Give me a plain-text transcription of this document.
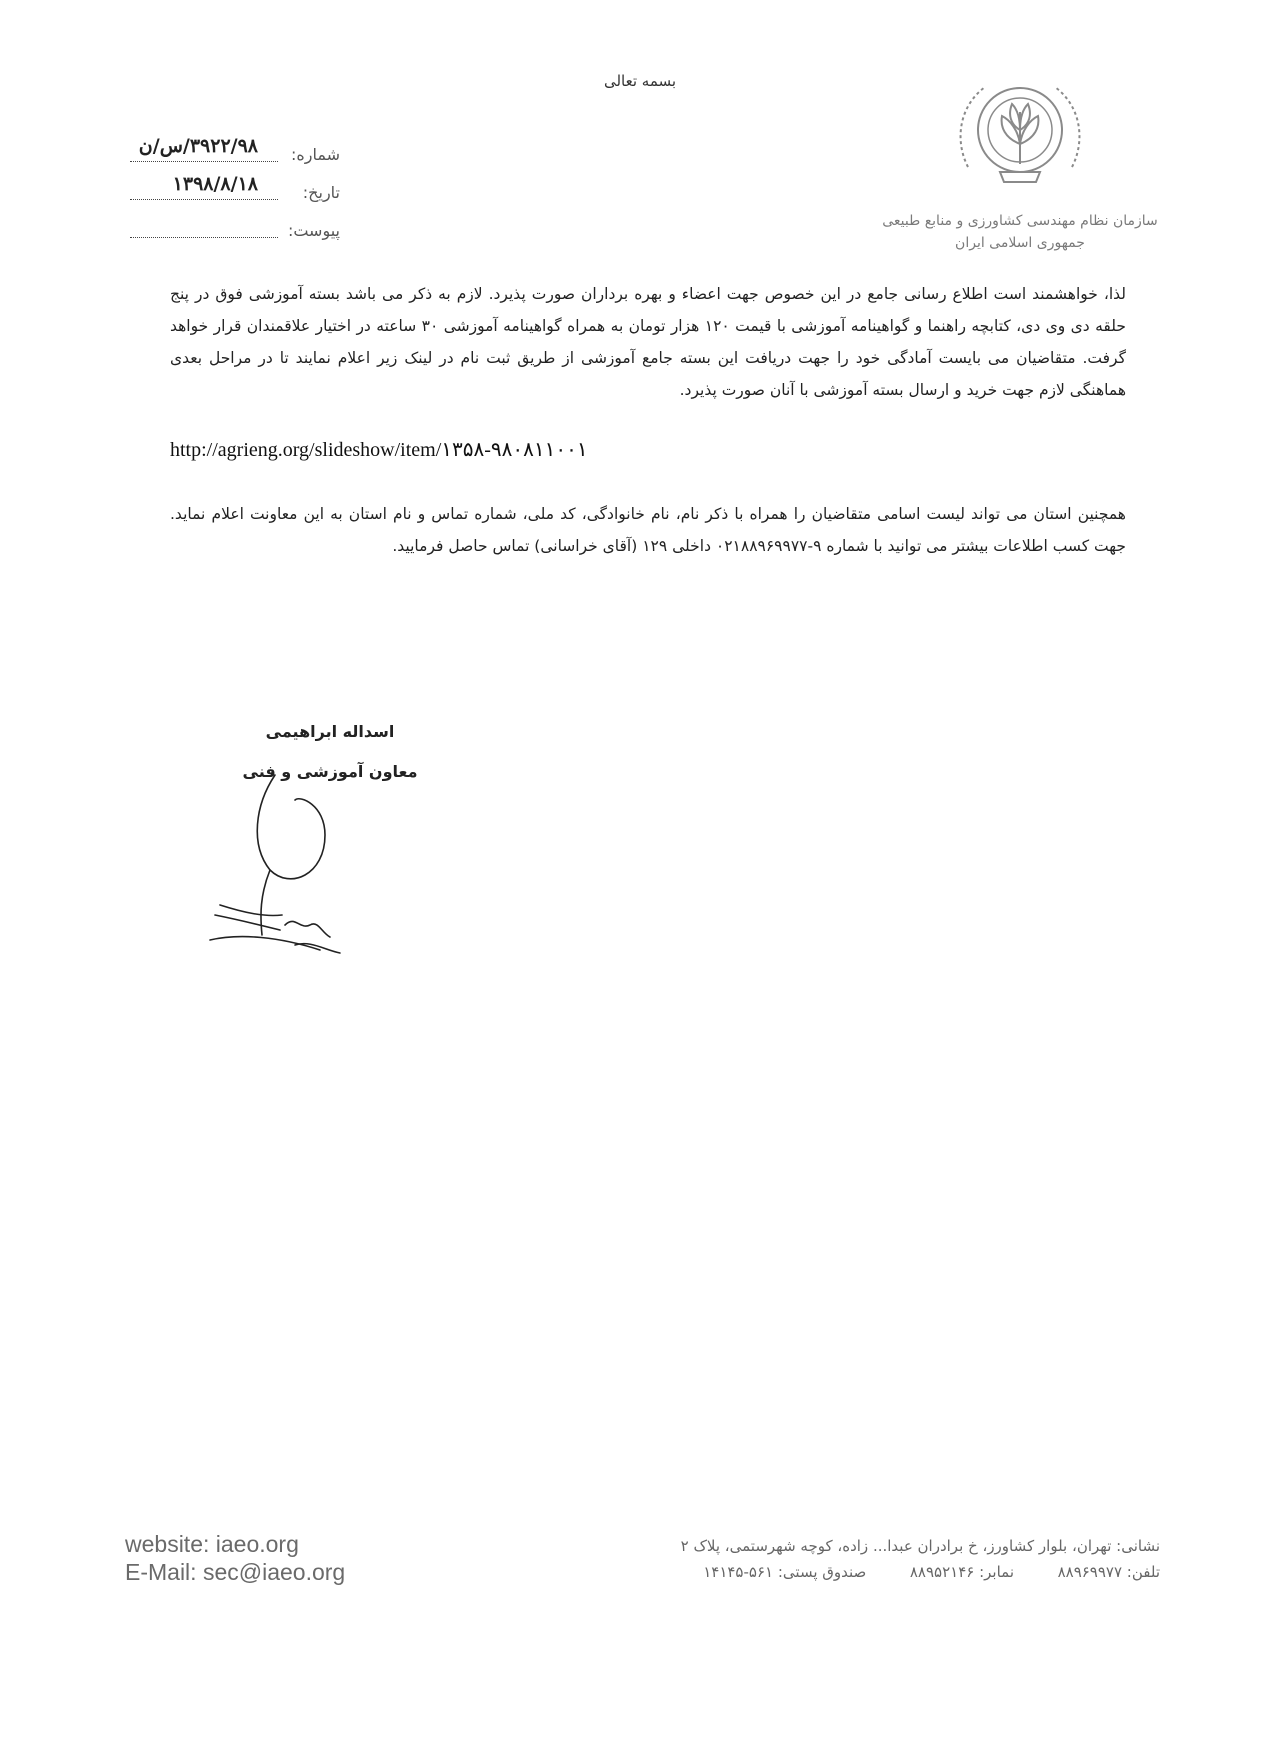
بسمه تعالی
سازمان نظام مهندسی کشاورزی و منابع طبیعی
جمهوری اسلامی ایران
شماره:
۳۹۲۲/۹۸/س/ن
تاریخ:
۱۳۹۸/۸/۱۸
پیوست:
لذا، خواهشمند است اطلاع رسانی جامع در این خصوص جهت اعضاء و بهره برداران صورت پذیرد. لازم به ذکر می باشد بسته آموزشی فوق در پنج حلقه دی وی دی، کتابچه راهنما و گواهینامه آموزشی با قیمت ۱۲۰ هزار تومان به همراه گواهینامه آموزشی ۳۰ ساعته در اختیار علاقمندان قرار خواهد گرفت. متقاضیان می بایست آمادگی خود را جهت دریافت این بسته جامع آموزشی از طریق ثبت نام در لینک زیر اعلام نمایند تا در مراحل بعدی هماهنگی لازم جهت خرید و ارسال بسته آموزشی با آنان صورت پذیرد.
http://agrieng.org/slideshow/item/۱۳۵۸-۹۸۰۸۱۱۰۰۱
همچنین استان می تواند لیست اسامی متقاضیان را همراه با ذکر نام، نام خانوادگی، کد ملی، شماره تماس و نام استان به این معاونت اعلام نماید. جهت کسب اطلاعات بیشتر می توانید با شماره ۹-۰۲۱۸۸۹۶۹۹۷۷ داخلی ۱۲۹ (آقای خراسانی) تماس حاصل فرمایید.
اسداله ابراهیمی
معاون آموزشی و فنی
website: iaeo.org
E-Mail: sec@iaeo.org
نشانی: تهران، بلوار کشاورز، خ برادران عبدا... زاده، کوچه شهرستمی، پلاک ۲
تلفن: ۸۸۹۶۹۹۷۷  نمابر: ۸۸۹۵۲۱۴۶  صندوق پستی: ۵۶۱-۱۴۱۴۵
